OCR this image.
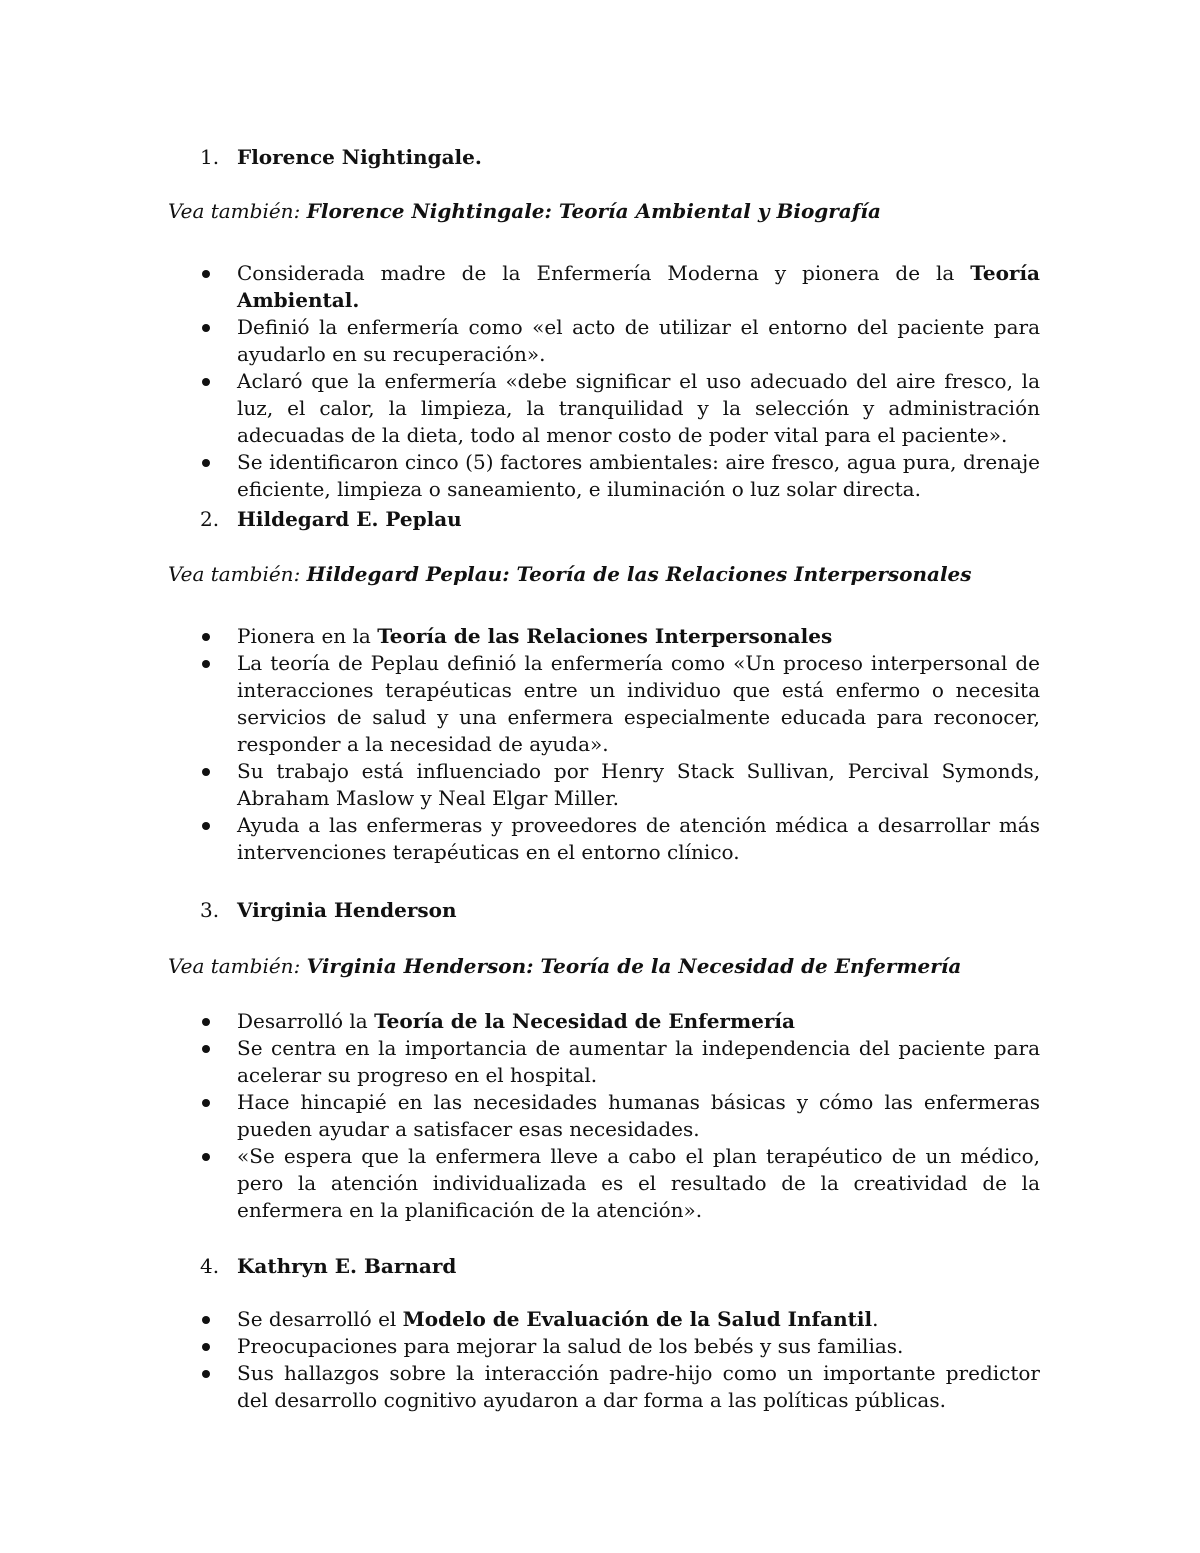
1. Florence Nightingale.
Vea también: Florence Nightingale: Teoría Ambiental y Biografía
Considerada madre de la Enfermería Moderna y pionera de la Teoría Ambiental.
Definió la enfermería como «el acto de utilizar el entorno del paciente para ayudarlo en su recuperación».
Aclaró que la enfermería «debe significar el uso adecuado del aire fresco, la luz, el calor, la limpieza, la tranquilidad y la selección y administración adecuadas de la dieta, todo al menor costo de poder vital para el paciente».
Se identificaron cinco (5) factores ambientales: aire fresco, agua pura, drenaje eficiente, limpieza o saneamiento, e iluminación o luz solar directa.
2. Hildegard E. Peplau
Vea también: Hildegard Peplau: Teoría de las Relaciones Interpersonales
Pionera en la Teoría de las Relaciones Interpersonales
La teoría de Peplau definió la enfermería como «Un proceso interpersonal de interacciones terapéuticas entre un individuo que está enfermo o necesita servicios de salud y una enfermera especialmente educada para reconocer, responder a la necesidad de ayuda».
Su trabajo está influenciado por Henry Stack Sullivan, Percival Symonds, Abraham Maslow y Neal Elgar Miller.
Ayuda a las enfermeras y proveedores de atención médica a desarrollar más intervenciones terapéuticas en el entorno clínico.
3. Virginia Henderson
Vea también: Virginia Henderson: Teoría de la Necesidad de Enfermería
Desarrolló la Teoría de la Necesidad de Enfermería
Se centra en la importancia de aumentar la independencia del paciente para acelerar su progreso en el hospital.
Hace hincapié en las necesidades humanas básicas y cómo las enfermeras pueden ayudar a satisfacer esas necesidades.
«Se espera que la enfermera lleve a cabo el plan terapéutico de un médico, pero la atención individualizada es el resultado de la creatividad de la enfermera en la planificación de la atención».
4. Kathryn E. Barnard
Se desarrolló el Modelo de Evaluación de la Salud Infantil.
Preocupaciones para mejorar la salud de los bebés y sus familias.
Sus hallazgos sobre la interacción padre-hijo como un importante predictor del desarrollo cognitivo ayudaron a dar forma a las políticas públicas.
